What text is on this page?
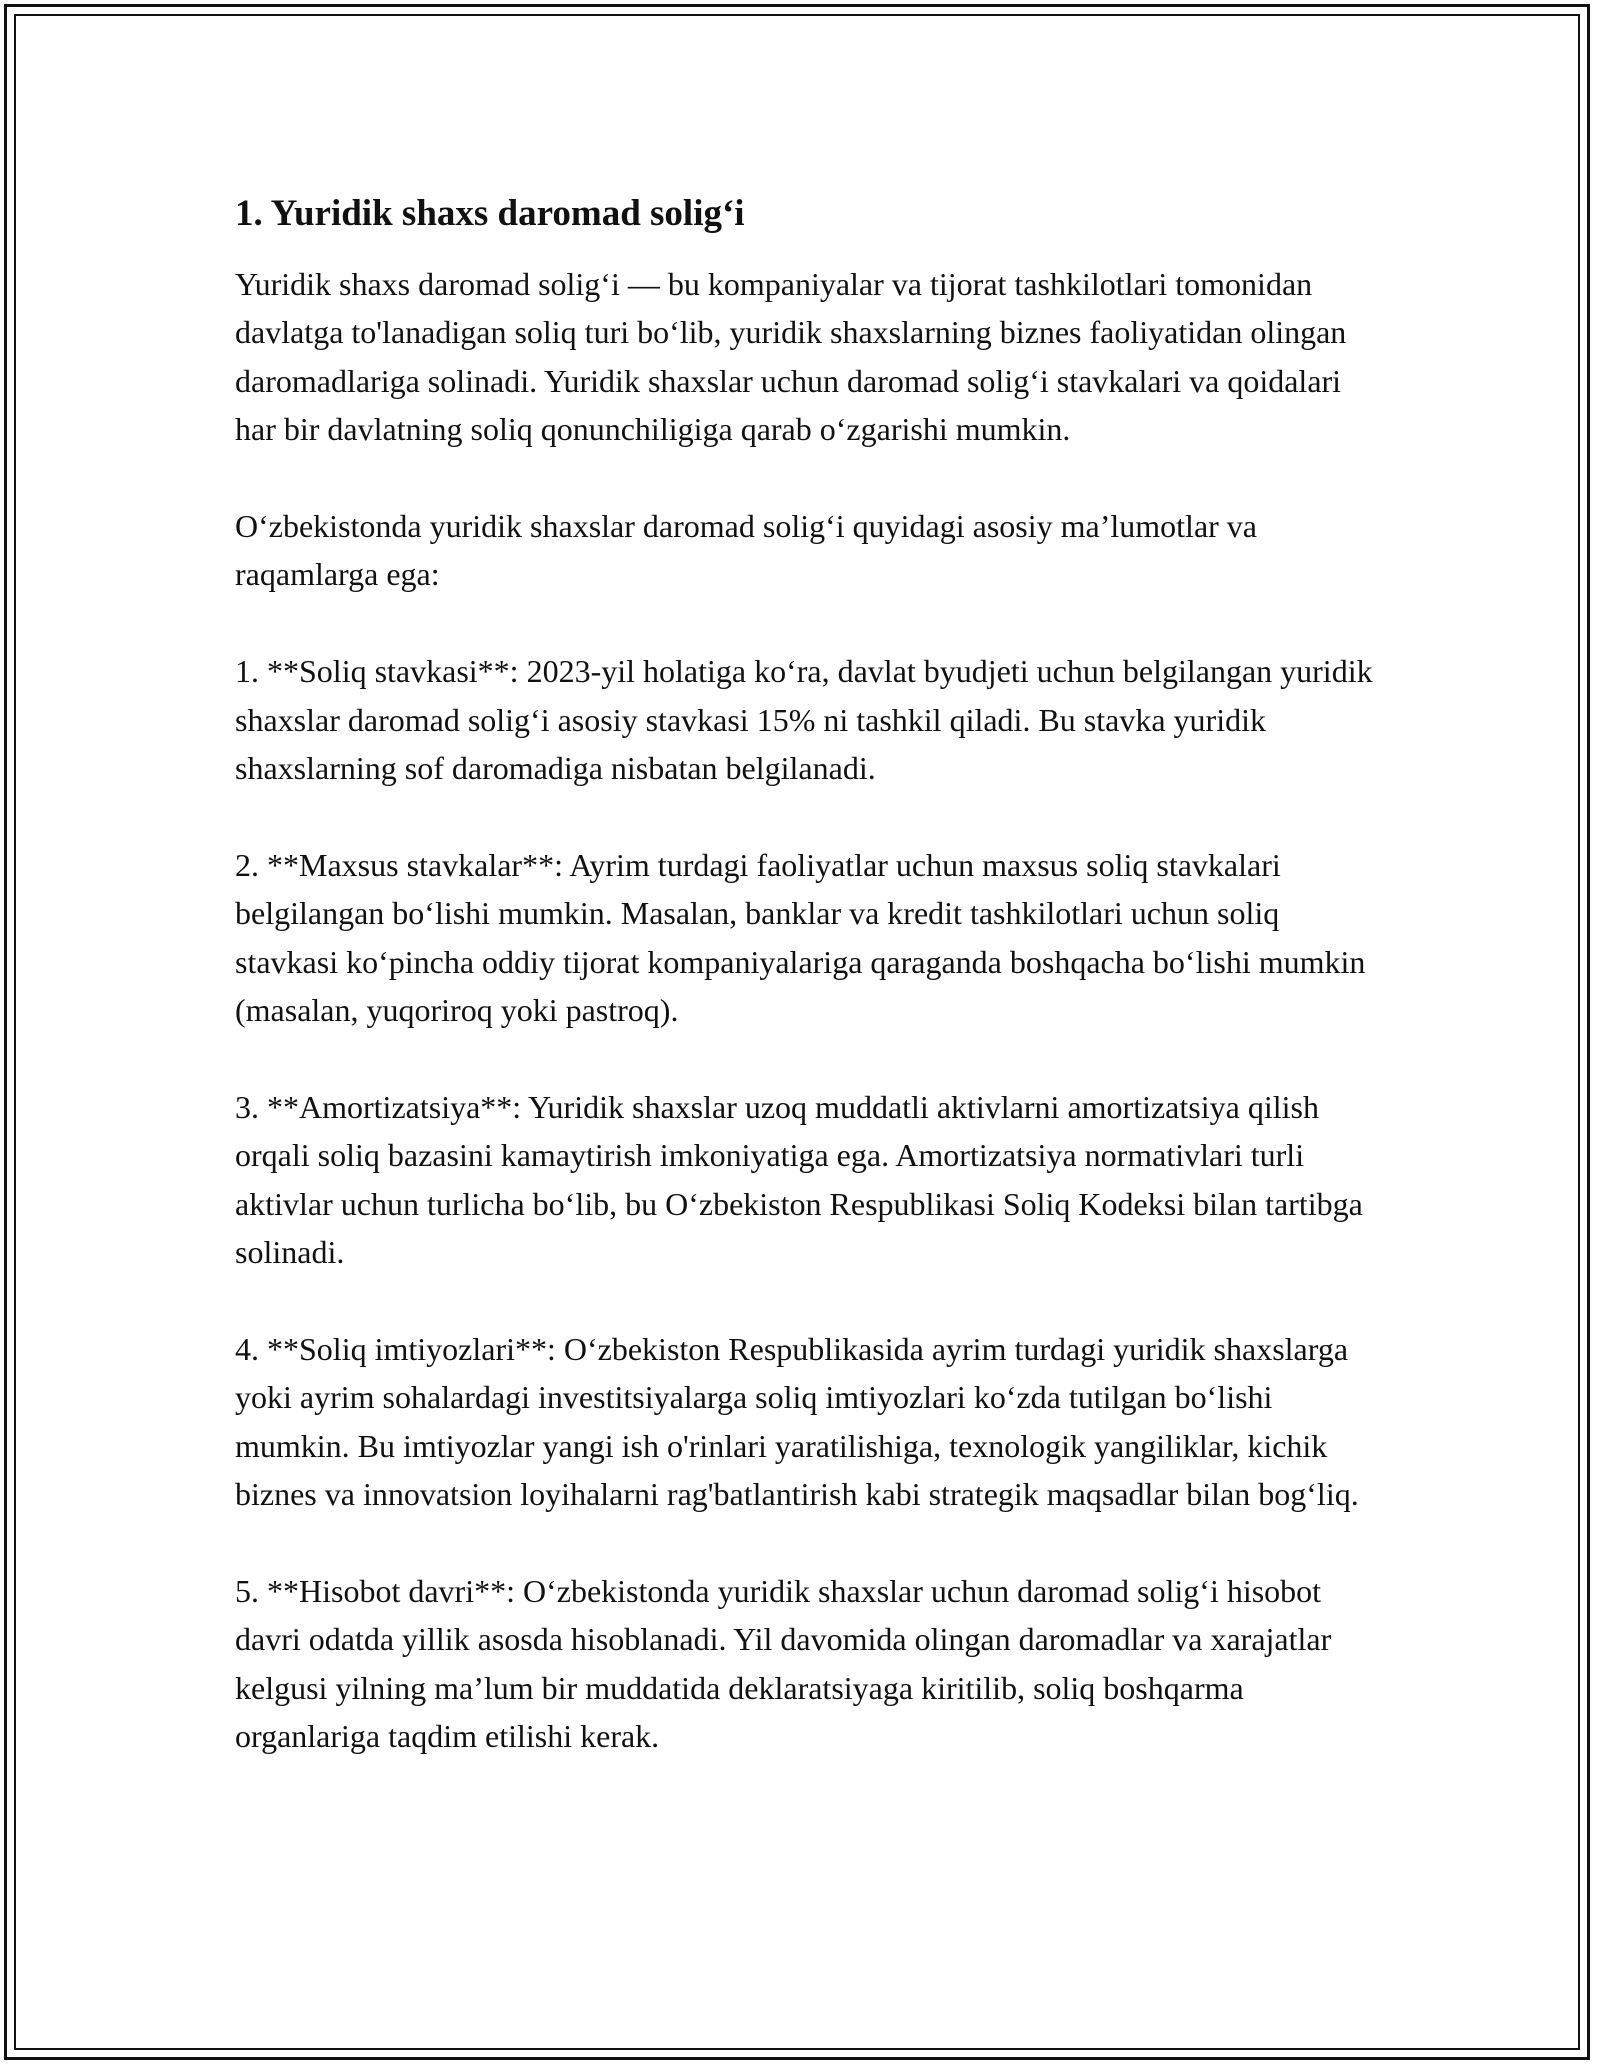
1. Yuridik shaxs daromad solig‘i

Yuridik shaxs daromad solig‘i — bu kompaniyalar va tijorat tashkilotlari tomonidan davlatga to'lanadigan soliq turi bo‘lib, yuridik shaxslarning biznes faoliyatidan olingan daromadlariga solinadi. Yuridik shaxslar uchun daromad solig‘i stavkalari va qoidalari har bir davlatning soliq qonunchiligiga qarab o‘zgarishi mumkin.

O‘zbekistonda yuridik shaxslar daromad solig‘i quyidagi asosiy ma’lumotlar va raqamlarga ega:

1. **Soliq stavkasi**: 2023-yil holatiga ko‘ra, davlat byudjeti uchun belgilangan yuridik shaxslar daromad solig‘i asosiy stavkasi 15% ni tashkil qiladi. Bu stavka yuridik shaxslarning sof daromadiga nisbatan belgilanadi.

2. **Maxsus stavkalar**: Ayrim turdagi faoliyatlar uchun maxsus soliq stavkalari belgilangan bo‘lishi mumkin. Masalan, banklar va kredit tashkilotlari uchun soliq stavkasi ko‘pincha oddiy tijorat kompaniyalariga qaraganda boshqacha bo‘lishi mumkin (masalan, yuqoriroq yoki pastroq).

3. **Amortizatsiya**: Yuridik shaxslar uzoq muddatli aktivlarni amortizatsiya qilish orqali soliq bazasini kamaytirish imkoniyatiga ega. Amortizatsiya normativlari turli aktivlar uchun turlicha bo‘lib, bu O‘zbekiston Respublikasi Soliq Kodeksi bilan tartibga solinadi.

4. **Soliq imtiyozlari**: O‘zbekiston Respublikasida ayrim turdagi yuridik shaxslarga yoki ayrim sohalardagi investitsiyalarga soliq imtiyozlari ko‘zda tutilgan bo‘lishi mumkin. Bu imtiyozlar yangi ish o'rinlari yaratilishiga, texnologik yangiliklar, kichik biznes va innovatsion loyihalarni rag'batlantirish kabi strategik maqsadlar bilan bog‘liq.

5. **Hisobot davri**: O‘zbekistonda yuridik shaxslar uchun daromad solig‘i hisobot davri odatda yillik asosda hisoblanadi. Yil davomida olingan daromadlar va xarajatlar kelgusi yilning ma’lum bir muddatida deklaratsiyaga kiritilib, soliq boshqarma organlariga taqdim etilishi kerak.
